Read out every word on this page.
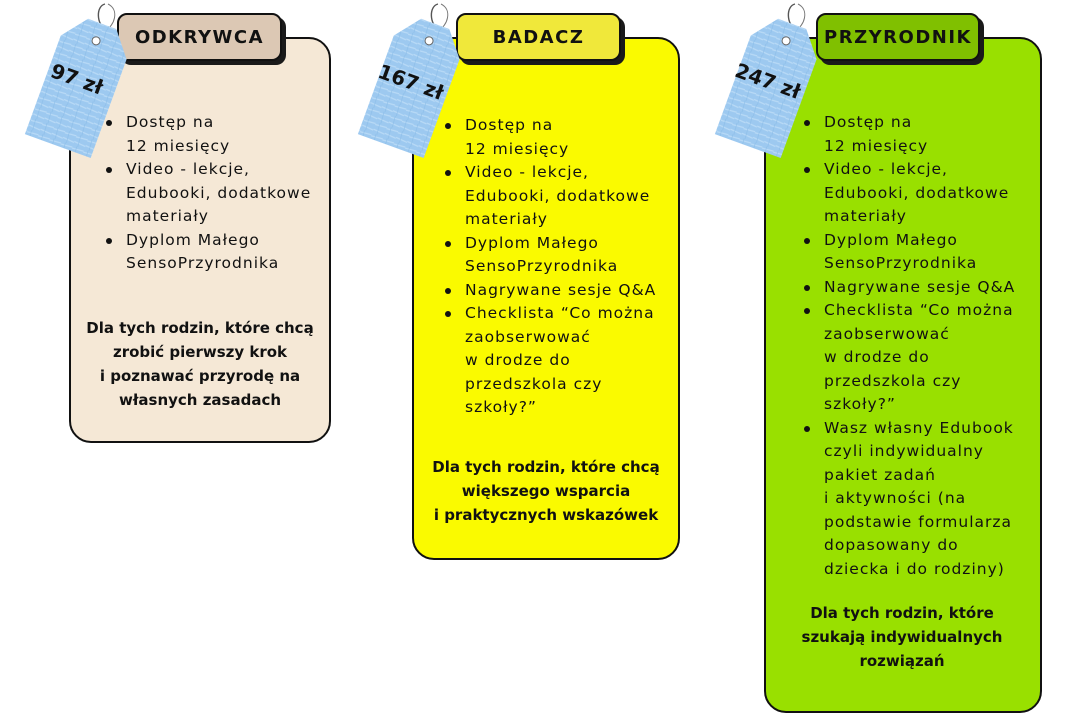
ODKRYWCA
Dostęp na
12 miesięcy
Video - lekcje,
Edubooki, dodatkowe
materiały
Dyplom Małego
SensoPrzyrodnika
Dla tych rodzin, które chcą
zrobić pierwszy krok
i poznawać przyrodę na
własnych zasadach
BADACZ
Dostęp na
12 miesięcy
Video - lekcje,
Edubooki, dodatkowe
materiały
Dyplom Małego
SensoPrzyrodnika
Nagrywane sesje Q&A
Checklista “Co można
zaobserwować
w drodze do
przedszkola czy
szkoły?”
Dla tych rodzin, które chcą
większego wsparcia
i praktycznych wskazówek
PRZYRODNIK
Dostęp na
12 miesięcy
Video - lekcje,
Edubooki, dodatkowe
materiały
Dyplom Małego
SensoPrzyrodnika
Nagrywane sesje Q&A
Checklista “Co można
zaobserwować
w drodze do
przedszkola czy
szkoły?”
Wasz własny Edubook
czyli indywidualny
pakiet zadań
i aktywności (na
podstawie formularza
dopasowany do
dziecka i do rodziny)
Dla tych rodzin, które
szukają indywidualnych
rozwiązań
97 zł	167 zł	247 zł
